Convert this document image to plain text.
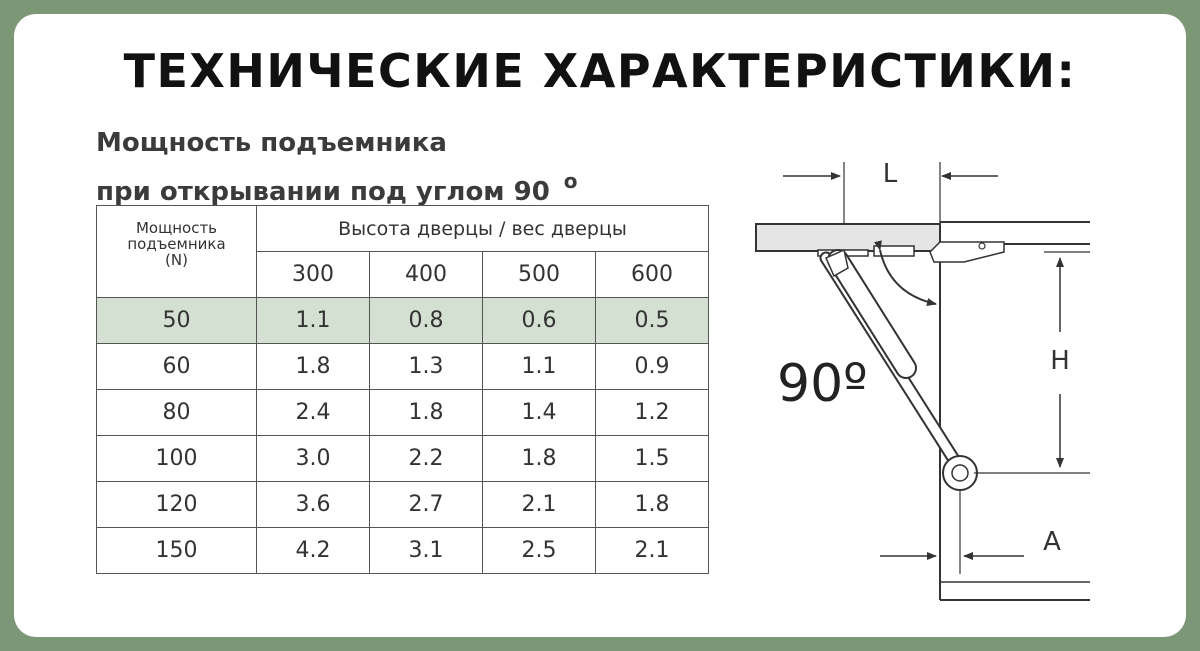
ТЕХНИЧЕСКИЕ ХАРАКТЕРИСТИКИ:
Мощность подъемника
при открывании под углом 90 $^о$
Мощность
подъемника
(N)	Высота дверцы / вес дверцы			
	300	400	500	600
50	1.1	0.8	0.6	0.5
60	1.8	1.3	1.1	0.9
80	2.4	1.8	1.4	1.2
100	3.0	2.2	1.8	1.5
120	3.6	2.7	2.1	1.8
150	4.2	3.1	2.5	2.1
L
90º	H
A
